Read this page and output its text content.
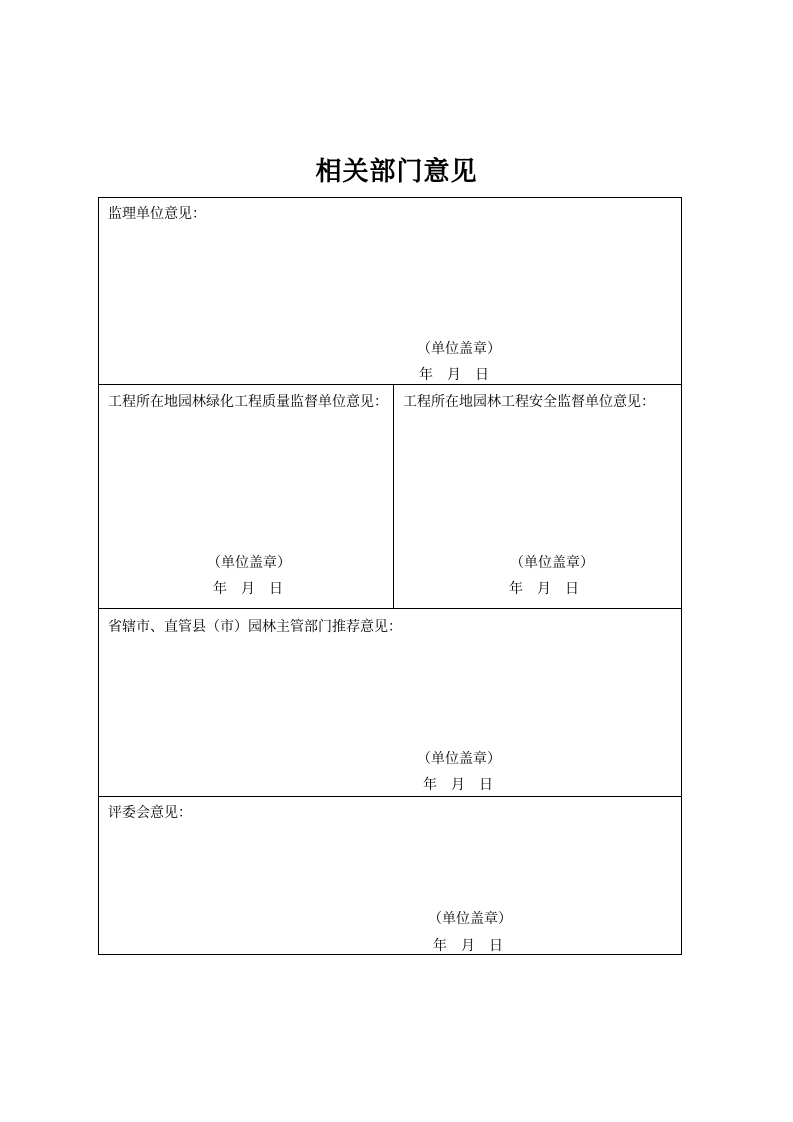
相关部门意见
监理单位意见：
（单位盖章）
年　月　日
工程所在地园林绿化工程质量监督单位意见：
（单位盖章）
年　月　日
工程所在地园林工程安全监督单位意见：
（单位盖章）
年　月　日
省辖市、直管县（市）园林主管部门推荐意见：
（单位盖章）
年　月　日
评委会意见：
（单位盖章）
年　月　日
